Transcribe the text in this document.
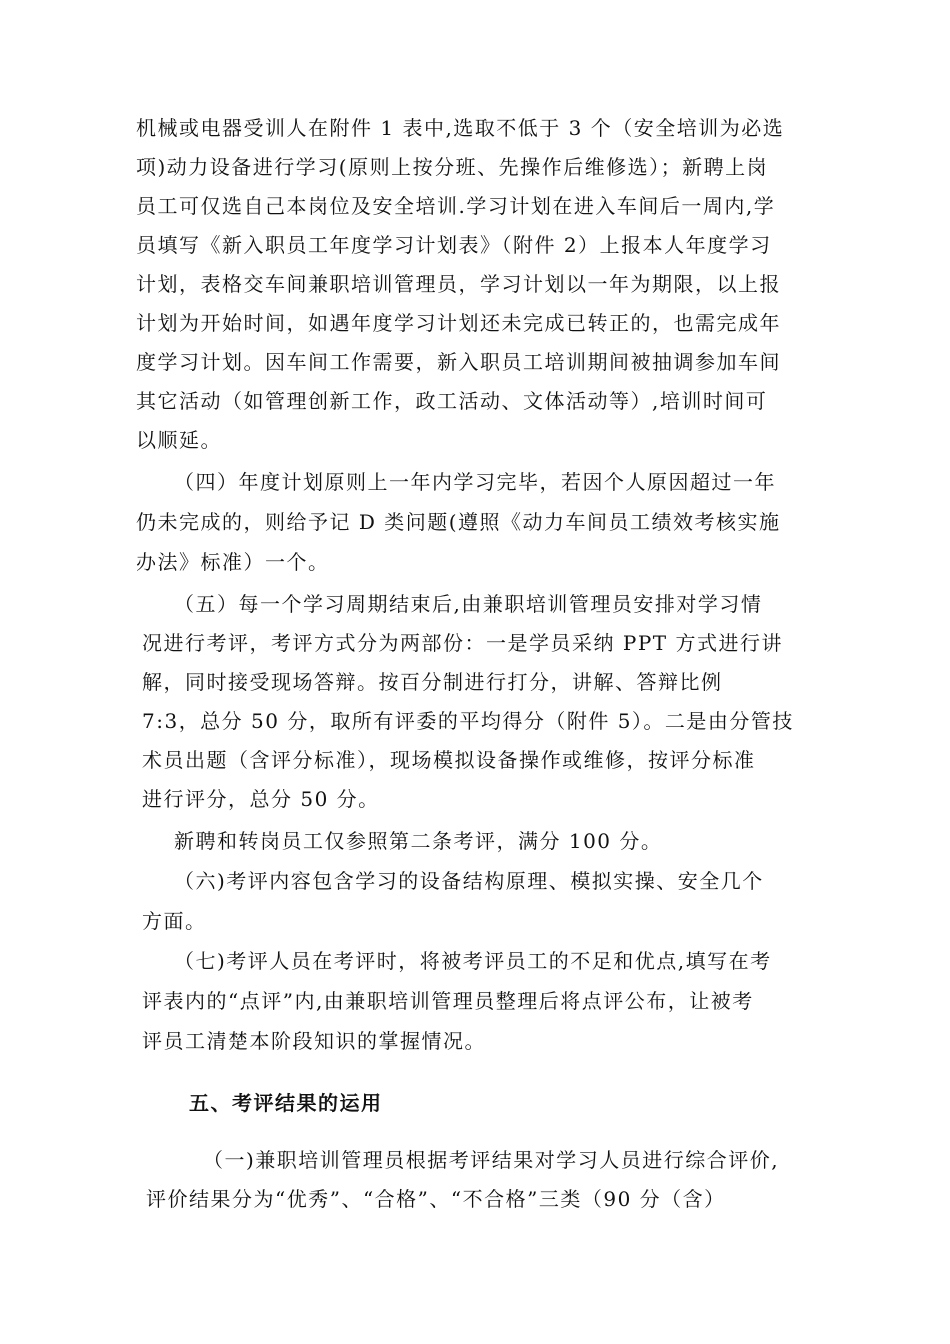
机械或电器受训人在附件 1 表中,选取不低于 3 个（安全培训为必选
项)动力设备进行学习(原则上按分班、先操作后维修选）；新聘上岗
员工可仅选自己本岗位及安全培训.学习计划在进入车间后一周内,学
员填写《新入职员工年度学习计划表》（附件 2）上报本人年度学习
计划，表格交车间兼职培训管理员，学习计划以一年为期限，以上报
计划为开始时间，如遇年度学习计划还未完成已转正的，也需完成年
度学习计划。因车间工作需要，新入职员工培训期间被抽调参加车间
其它活动（如管理创新工作，政工活动、文体活动等）,培训时间可
以顺延。
（四）年度计划原则上一年内学习完毕，若因个人原因超过一年
仍未完成的，则给予记 D 类问题(遵照《动力车间员工绩效考核实施
办法》标准）一个。
（五）每一个学习周期结束后,由兼职培训管理员安排对学习情
况进行考评，考评方式分为两部份：一是学员采纳 PPT 方式进行讲
解，同时接受现场答辩。按百分制进行打分，讲解、答辩比例
7:3，总分 50 分，取所有评委的平均得分（附件 5）。二是由分管技
术员出题（含评分标准），现场模拟设备操作或维修，按评分标准
进行评分，总分 50 分。
新聘和转岗员工仅参照第二条考评，满分 100 分。
（六)考评内容包含学习的设备结构原理、模拟实操、安全几个
方面。
（七)考评人员在考评时，将被考评员工的不足和优点,填写在考
评表内的“点评”内,由兼职培训管理员整理后将点评公布，让被考
评员工清楚本阶段知识的掌握情况。
五、考评结果的运用
（一)兼职培训管理员根据考评结果对学习人员进行综合评价,
评价结果分为“优秀”、“合格”、“不合格”三类（90 分（含）
